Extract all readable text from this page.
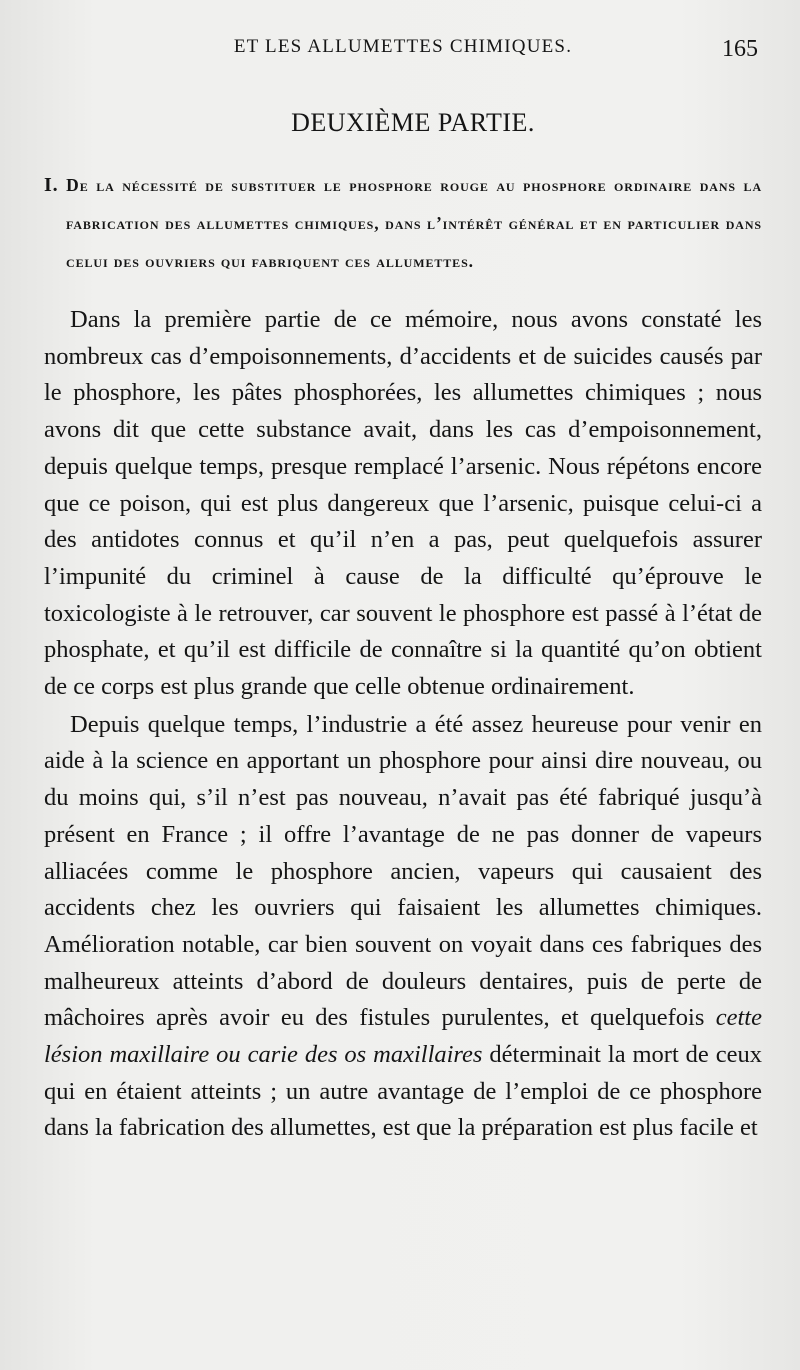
ET LES ALLUMETTES CHIMIQUES.	165
DEUXIÈME PARTIE.
I. De la nécessité de substituer le phosphore rouge au phosphore ordinaire dans la fabrication des allumettes chimiques, dans l’intérêt général et en particulier dans celui des ouvriers qui fabriquent ces allumettes.

Dans la première partie de ce mémoire, nous avons constaté les nombreux cas d’empoisonnements, d’accidents et de suicides causés par le phosphore, les pâtes phosphorées, les allumettes chimiques ; nous avons dit que cette substance avait, dans les cas d’empoisonnement, depuis quelque temps, presque remplacé l’arsenic. Nous répétons encore que ce poison, qui est plus dangereux que l’arsenic, puisque celui-ci a des antidotes connus et qu’il n’en a pas, peut quelquefois assurer l’impunité du criminel à cause de la difficulté qu’éprouve le toxicologiste à le retrouver, car souvent le phosphore est passé à l’état de phosphate, et qu’il est difficile de connaître si la quantité qu’on obtient de ce corps est plus grande que celle obtenue ordinairement.

Depuis quelque temps, l’industrie a été assez heureuse pour venir en aide à la science en apportant un phosphore pour ainsi dire nouveau, ou du moins qui, s’il n’est pas nouveau, n’avait pas été fabriqué jusqu’à présent en France ; il offre l’avantage de ne pas donner de vapeurs alliacées comme le phosphore ancien, vapeurs qui causaient des accidents chez les ouvriers qui faisaient les allumettes chimiques. Amélioration notable, car bien souvent on voyait dans ces fabriques des malheureux atteints d’abord de douleurs dentaires, puis de perte de mâchoires après avoir eu des fistules purulentes, et quelquefois cette lésion maxillaire ou carie des os maxillaires déterminait la mort de ceux qui en étaient atteints ; un autre avantage de l’emploi de ce phosphore dans la fabrication des allumettes, est que la préparation est plus facile et
